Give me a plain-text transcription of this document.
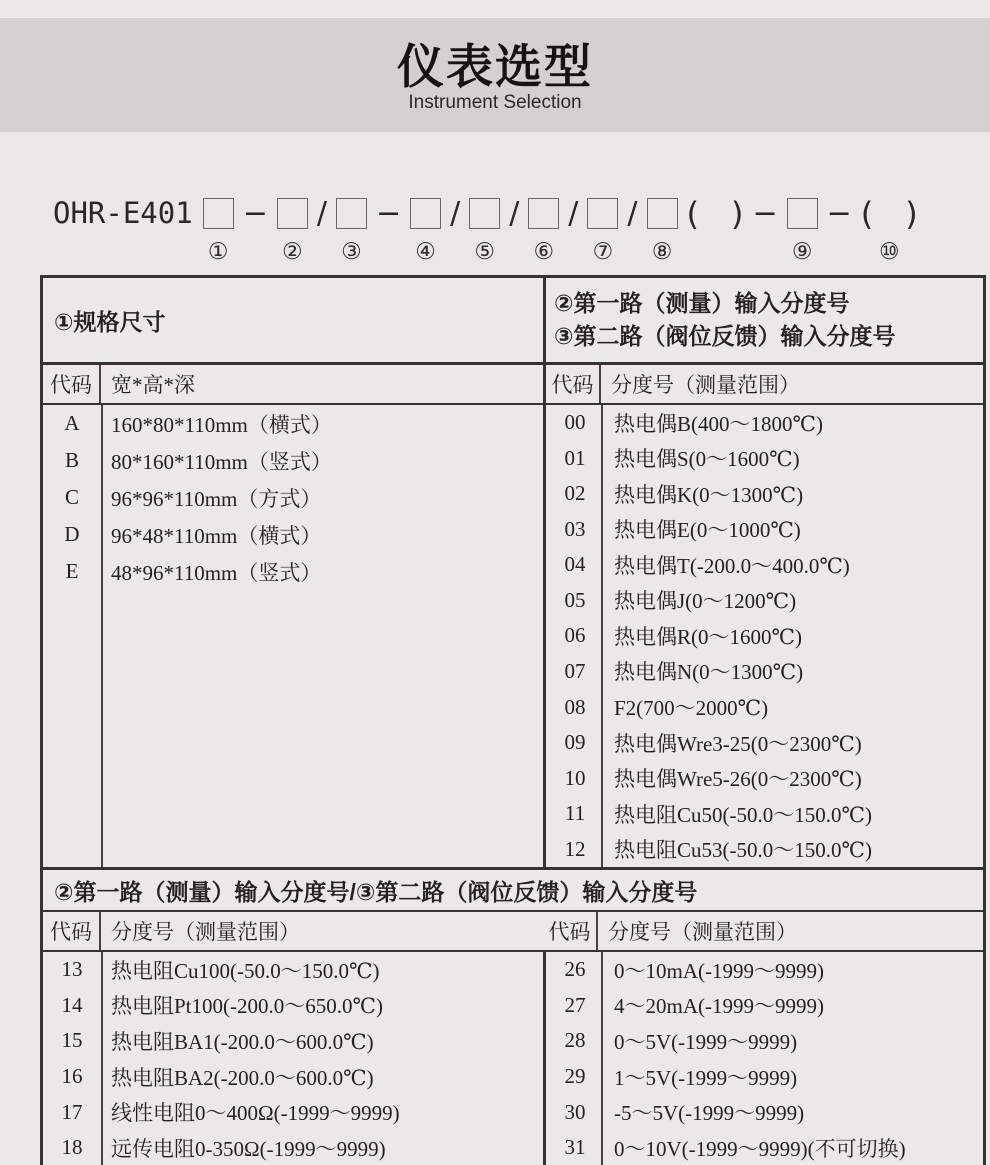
仪表选型
Instrument Selection
OHR-E401
①
−
②
/
③
−
④
/
⑤
/
⑥
/
⑦
/
⑧
(　) −
⑨
− (　)
⑩
①规格尺寸
②第一路（测量）输入分度号
③第二路（阀位反馈）输入分度号
代码 宽*高*深	代码 分度号（测量范围）
A	160*80*110mm（横式）
B	80*160*110mm（竖式）
C	96*96*110mm（方式）
D	96*48*110mm（横式）
E	48*96*110mm（竖式）
00	热电偶B(400～1800℃)
01	热电偶S(0～1600℃)
02	热电偶K(0～1300℃)
03	热电偶E(0～1000℃)
04	热电偶T(-200.0～400.0℃)
05	热电偶J(0～1200℃)
06	热电偶R(0～1600℃)
07	热电偶N(0～1300℃)
08	F2(700～2000℃)
09	热电偶Wre3-25(0～2300℃)
10	热电偶Wre5-26(0～2300℃)
11	热电阻Cu50(-50.0～150.0℃)
12	热电阻Cu53(-50.0～150.0℃)
②第一路（测量）输入分度号/③第二路（阀位反馈）输入分度号
代码 分度号（测量范围）	代码 分度号（测量范围）
13	热电阻Cu100(-50.0～150.0℃)
14	热电阻Pt100(-200.0～650.0℃)
15	热电阻BA1(-200.0～600.0℃)
16	热电阻BA2(-200.0～600.0℃)
17	线性电阻0～400Ω(-1999～9999)
18	远传电阻0-350Ω(-1999～9999)
26	0～10mA(-1999～9999)
27	4～20mA(-1999～9999)
28	0～5V(-1999～9999)
29	1～5V(-1999～9999)
30	-5～5V(-1999～9999)
31	0～10V(-1999～9999)(不可切换)
